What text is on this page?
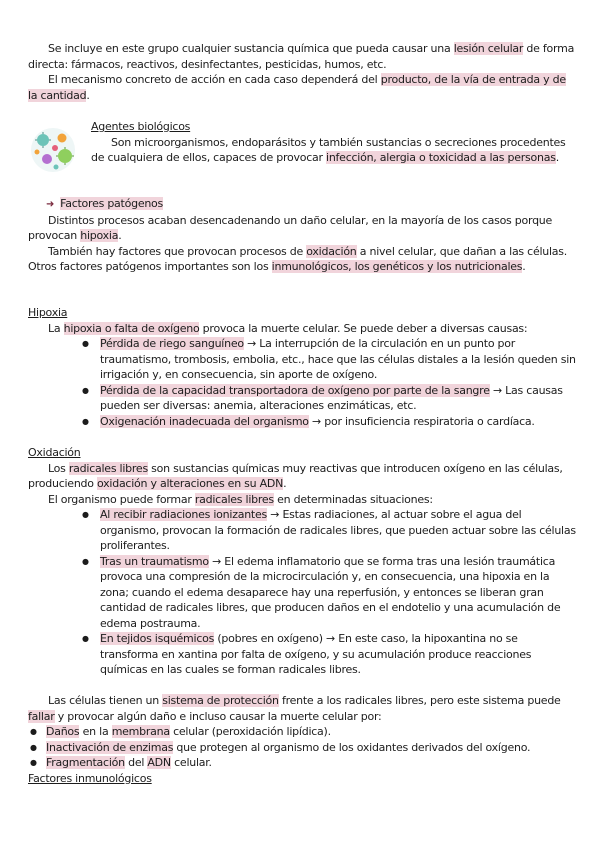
Se incluye en este grupo cualquier sustancia química que pueda causar una lesión celular de forma directa: fármacos, reactivos, desinfectantes, pesticidas, humos, etc.

El mecanismo concreto de acción en cada caso dependerá del producto, de la vía de entrada y de la cantidad.

Agentes biológicos

Son microorganismos, endoparásitos y también sustancias o secreciones procedentes de cualquiera de ellos, capaces de provocar infección, alergia o toxicidad a las personas.

➜ Factores patógenos

Distintos procesos acaban desencadenando un daño celular, en la mayoría de los casos porque provocan hipoxia.

También hay factores que provocan procesos de oxidación a nivel celular, que dañan a las células. Otros factores patógenos importantes son los inmunológicos, los genéticos y los nutricionales.

Hipoxia

La hipoxia o falta de oxígeno provoca la muerte celular. Se puede deber a diversas causas:

● Pérdida de riego sanguíneo → La interrupción de la circulación en un punto por traumatismo, trombosis, embolia, etc., hace que las células distales a la lesión queden sin irrigación y, en consecuencia, sin aporte de oxígeno.
● Pérdida de la capacidad transportadora de oxígeno por parte de la sangre → Las causas pueden ser diversas: anemia, alteraciones enzimáticas, etc.
● Oxigenación inadecuada del organismo → por insuficiencia respiratoria o cardíaca.

Oxidación

Los radicales libres son sustancias químicas muy reactivas que introducen oxígeno en las células, produciendo oxidación y alteraciones en su ADN.

El organismo puede formar radicales libres en determinadas situaciones:

● Al recibir radiaciones ionizantes → Estas radiaciones, al actuar sobre el agua del organismo, provocan la formación de radicales libres, que pueden actuar sobre las células proliferantes.
● Tras un traumatismo → El edema inflamatorio que se forma tras una lesión traumática provoca una compresión de la microcirculación y, en consecuencia, una hipoxia en la zona; cuando el edema desaparece hay una reperfusión, y entonces se liberan gran cantidad de radicales libres, que producen daños en el endotelio y una acumulación de edema postrauma.
● En tejidos isquémicos (pobres en oxígeno) → En este caso, la hipoxantina no se transforma en xantina por falta de oxígeno, y su acumulación produce reacciones químicas en las cuales se forman radicales libres.

Las células tienen un sistema de protección frente a los radicales libres, pero este sistema puede fallar y provocar algún daño e incluso causar la muerte celular por:

● Daños en la membrana celular (peroxidación lipídica).
● Inactivación de enzimas que protegen al organismo de los oxidantes derivados del oxígeno.
● Fragmentación del ADN celular.

Factores inmunológicos
